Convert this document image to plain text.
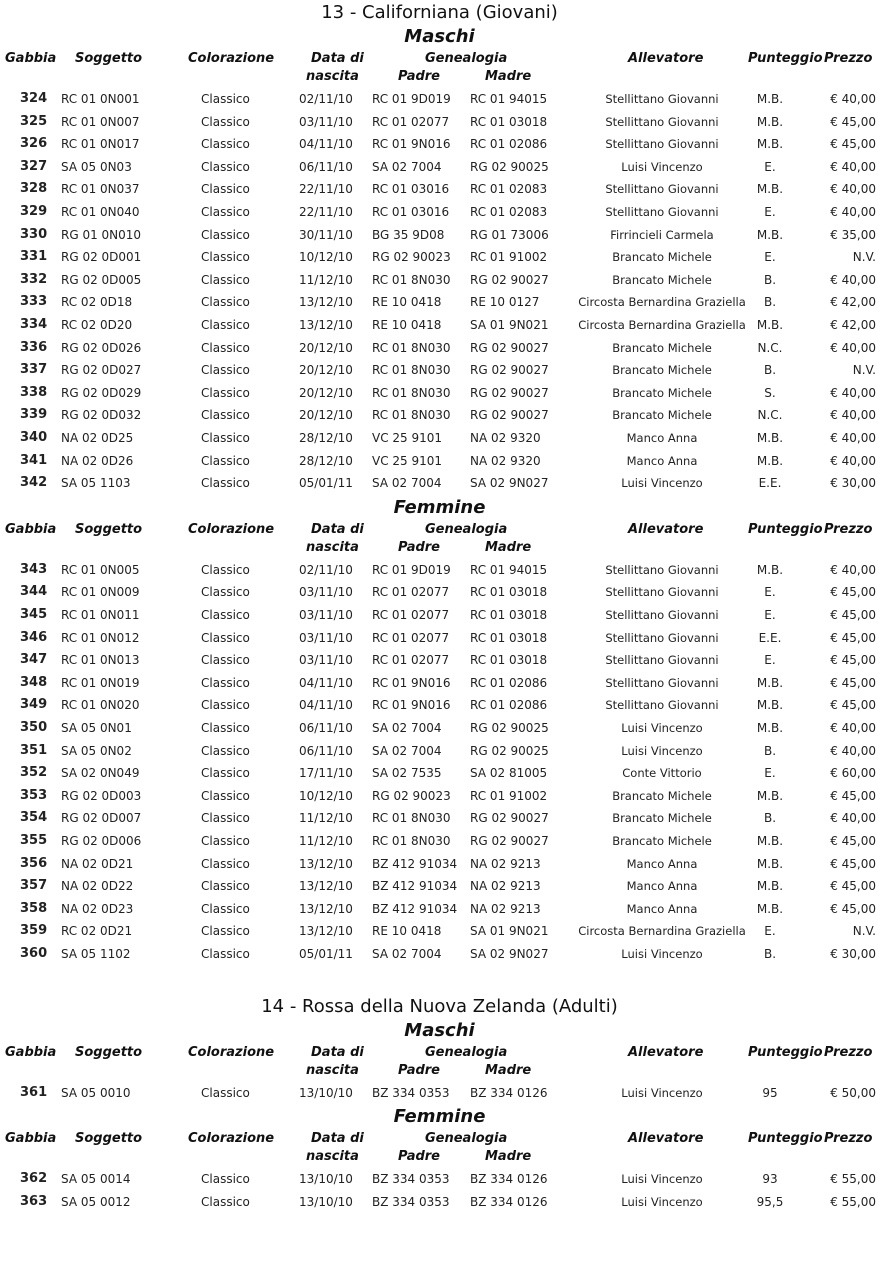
13 - Californiana (Giovani)
Maschi
Gabbia Soggetto	Colorazione	Data di
nascita
Genealogia
Padre	Madre
Allevatore	Punteggio Prezzo
324 RC 01 0N001	Classico	02/11/10 RC 01 9D019 RC 01 94015	Stellittano Giovanni	M.B.	€ 40,00
325 RC 01 0N007	Classico	03/11/10 RC 01 02077 RC 01 03018	Stellittano Giovanni	M.B.	€ 45,00
326 RC 01 0N017	Classico	04/11/10 RC 01 9N016 RC 01 02086	Stellittano Giovanni	M.B.	€ 45,00
327 SA 05 0N03	Classico	06/11/10 SA 02 7004 RG 02 90025	Luisi Vincenzo	E.	€ 40,00
328 RC 01 0N037	Classico	22/11/10 RC 01 03016 RC 01 02083	Stellittano Giovanni	M.B.	€ 40,00
329 RC 01 0N040	Classico	22/11/10 RC 01 03016 RC 01 02083	Stellittano Giovanni	E.	€ 40,00
330 RG 01 0N010	Classico	30/11/10 BG 35 9D08 RG 01 73006	Firrincieli Carmela	M.B.	€ 35,00
331 RG 02 0D001	Classico	10/12/10 RG 02 90023 RC 01 91002	Brancato Michele	E.	N.V.
332 RG 02 0D005	Classico	11/12/10 RC 01 8N030 RG 02 90027	Brancato Michele	B.	€ 40,00
333 RC 02 0D18	Classico	13/12/10 RE 10 0418 RE 10 0127	Circosta Bernardina Graziella	B.	€ 42,00
334 RC 02 0D20	Classico	13/12/10 RE 10 0418 SA 01 9N021	Circosta Bernardina Graziella M.B.	€ 42,00
336 RG 02 0D026	Classico	20/12/10 RC 01 8N030 RG 02 90027	Brancato Michele	N.C.	€ 40,00
337 RG 02 0D027	Classico	20/12/10 RC 01 8N030 RG 02 90027	Brancato Michele	B.	N.V.
338 RG 02 0D029	Classico	20/12/10 RC 01 8N030 RG 02 90027	Brancato Michele	S.	€ 40,00
339 RG 02 0D032	Classico	20/12/10 RC 01 8N030 RG 02 90027	Brancato Michele	N.C.	€ 40,00
340 NA 02 0D25	Classico	28/12/10 VC 25 9101 NA 02 9320	Manco Anna	M.B.	€ 40,00
341 NA 02 0D26	Classico	28/12/10 VC 25 9101 NA 02 9320	Manco Anna	M.B.	€ 40,00
342 SA 05 1103	Classico	05/01/11 SA 02 7004 SA 02 9N027	Luisi Vincenzo	E.E.	€ 30,00
Femmine
Gabbia Soggetto	Colorazione	Data di
nascita
Genealogia
Padre	Madre
Allevatore	Punteggio Prezzo
343 RC 01 0N005	Classico	02/11/10 RC 01 9D019 RC 01 94015	Stellittano Giovanni	M.B.	€ 40,00
344 RC 01 0N009	Classico	03/11/10 RC 01 02077 RC 01 03018	Stellittano Giovanni	E.	€ 45,00
345 RC 01 0N011	Classico	03/11/10 RC 01 02077 RC 01 03018	Stellittano Giovanni	E.	€ 45,00
346 RC 01 0N012	Classico	03/11/10 RC 01 02077 RC 01 03018	Stellittano Giovanni	E.E.	€ 45,00
347 RC 01 0N013	Classico	03/11/10 RC 01 02077 RC 01 03018	Stellittano Giovanni	E.	€ 45,00
348 RC 01 0N019	Classico	04/11/10 RC 01 9N016 RC 01 02086	Stellittano Giovanni	M.B.	€ 45,00
349 RC 01 0N020	Classico	04/11/10 RC 01 9N016 RC 01 02086	Stellittano Giovanni	M.B.	€ 45,00
350 SA 05 0N01	Classico	06/11/10 SA 02 7004 RG 02 90025	Luisi Vincenzo	M.B.	€ 40,00
351 SA 05 0N02	Classico	06/11/10 SA 02 7004 RG 02 90025	Luisi Vincenzo	B.	€ 40,00
352 SA 02 0N049	Classico	17/11/10 SA 02 7535 SA 02 81005	Conte Vittorio	E.	€ 60,00
353 RG 02 0D003	Classico	10/12/10 RG 02 90023 RC 01 91002	Brancato Michele	M.B.	€ 45,00
354 RG 02 0D007	Classico	11/12/10 RC 01 8N030 RG 02 90027	Brancato Michele	B.	€ 40,00
355 RG 02 0D006	Classico	11/12/10 RC 01 8N030 RG 02 90027	Brancato Michele	M.B.	€ 45,00
356 NA 02 0D21	Classico	13/12/10 BZ 412 91034 NA 02 9213	Manco Anna	M.B.	€ 45,00
357 NA 02 0D22	Classico	13/12/10 BZ 412 91034 NA 02 9213	Manco Anna	M.B.	€ 45,00
358 NA 02 0D23	Classico	13/12/10 BZ 412 91034 NA 02 9213	Manco Anna	M.B.	€ 45,00
359 RC 02 0D21	Classico	13/12/10 RE 10 0418 SA 01 9N021	Circosta Bernardina Graziella	E.	N.V.
360 SA 05 1102	Classico	05/01/11 SA 02 7004 SA 02 9N027	Luisi Vincenzo	B.	€ 30,00
14 - Rossa della Nuova Zelanda (Adulti)
Maschi
Gabbia Soggetto	Colorazione	Data di
nascita
Genealogia
Padre	Madre
Allevatore	Punteggio Prezzo
361 SA 05 0010	Classico	13/10/10 BZ 334 0353 BZ 334 0126	Luisi Vincenzo	95	€ 50,00
Femmine
Gabbia Soggetto	Colorazione	Data di
nascita
Genealogia
Padre	Madre
Allevatore	Punteggio Prezzo
362 SA 05 0014	Classico	13/10/10 BZ 334 0353 BZ 334 0126	Luisi Vincenzo	93	€ 55,00
363 SA 05 0012	Classico	13/10/10 BZ 334 0353 BZ 334 0126	Luisi Vincenzo	95,5	€ 55,00
